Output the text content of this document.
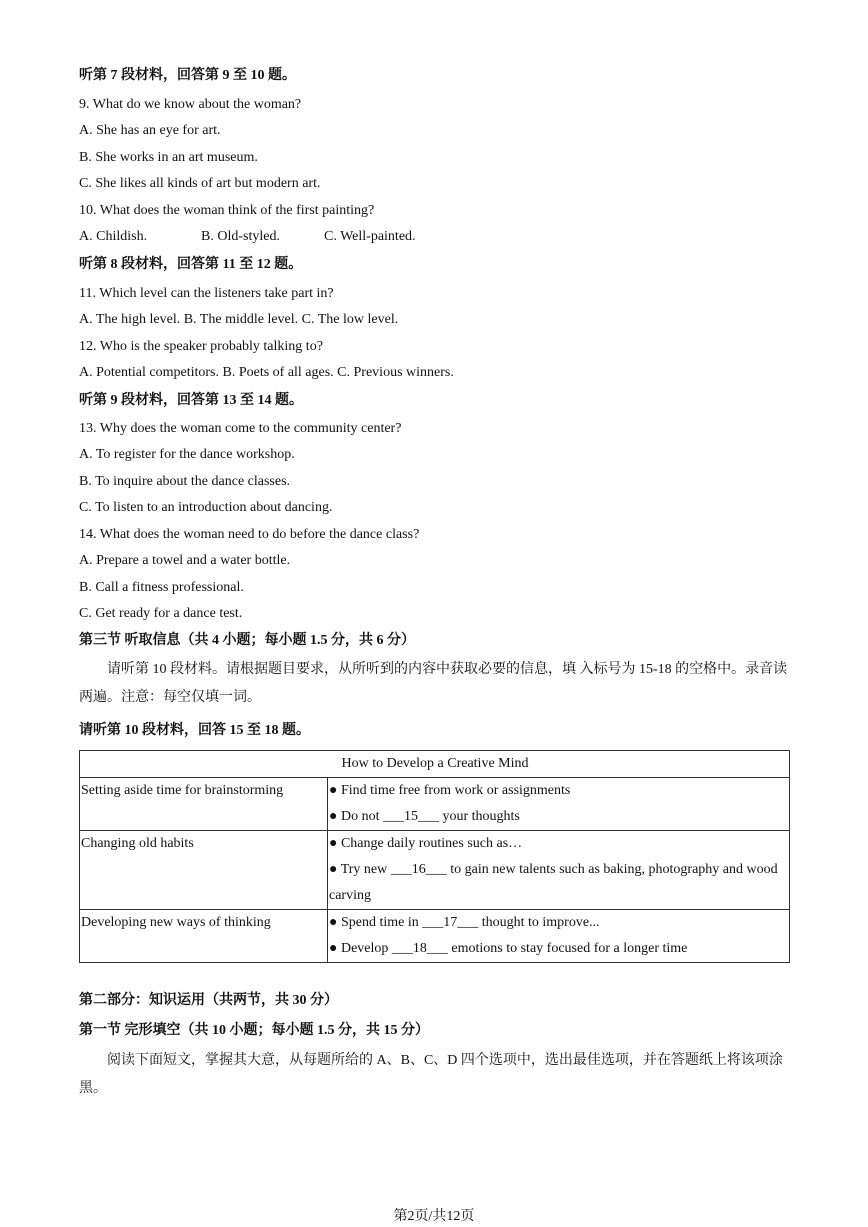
听第 7 段材料，回答第 9 至 10 题。
9. What do we know about the woman?
A. She has an eye for art.
B. She works in an art museum.
C. She likes all kinds of art but modern art.
10. What does the woman think of the first painting?
A. Childish.	B. Old-styled.	C. Well-painted.
听第 8 段材料，回答第 11 至 12 题。
11. Which level can the listeners take part in?
A. The high level. B. The middle level. C. The low level.
12. Who is the speaker probably talking to?
A. Potential competitors. B. Poets of all ages. C. Previous winners.
听第 9 段材料，回答第 13 至 14 题。
13. Why does the woman come to the community center?
A. To register for the dance workshop.
B. To inquire about the dance classes.
C. To listen to an introduction about dancing.
14. What does the woman need to do before the dance class?
A. Prepare a towel and a water bottle.
B. Call a fitness professional.
C. Get ready for a dance test.
第三节 听取信息（共 4 小题；每小题 1.5 分，共 6 分）
请听第 10 段材料。请根据题目要求，从所听到的内容中获取必要的信息，填 入标号为 15-18 的空格中。录音读两遍。注意：每空仅填一词。
请听第 10 段材料，回答 15 至 18 题。
How to Develop a Creative Mind	
Setting aside time for brainstorming	● Find time free from work or assignments
● Do not ___15___ your thoughts

Changing old habits	● Change daily routines such as…
● Try new ___16___ to gain new talents such as baking, photography and wood carving

Developing new ways of thinking	● Spend time in ___17___ thought to improve...
● Develop ___18___ emotions to stay focused for a longer time
第二部分：知识运用（共两节，共 30 分）
第一节 完形填空（共 10 小题；每小题 1.5 分，共 15 分）
阅读下面短文，掌握其大意，从每题所给的 A、B、C、D 四个选项中，选出最佳选项，并在答题纸上将该项涂黑。
第2页/共12页
